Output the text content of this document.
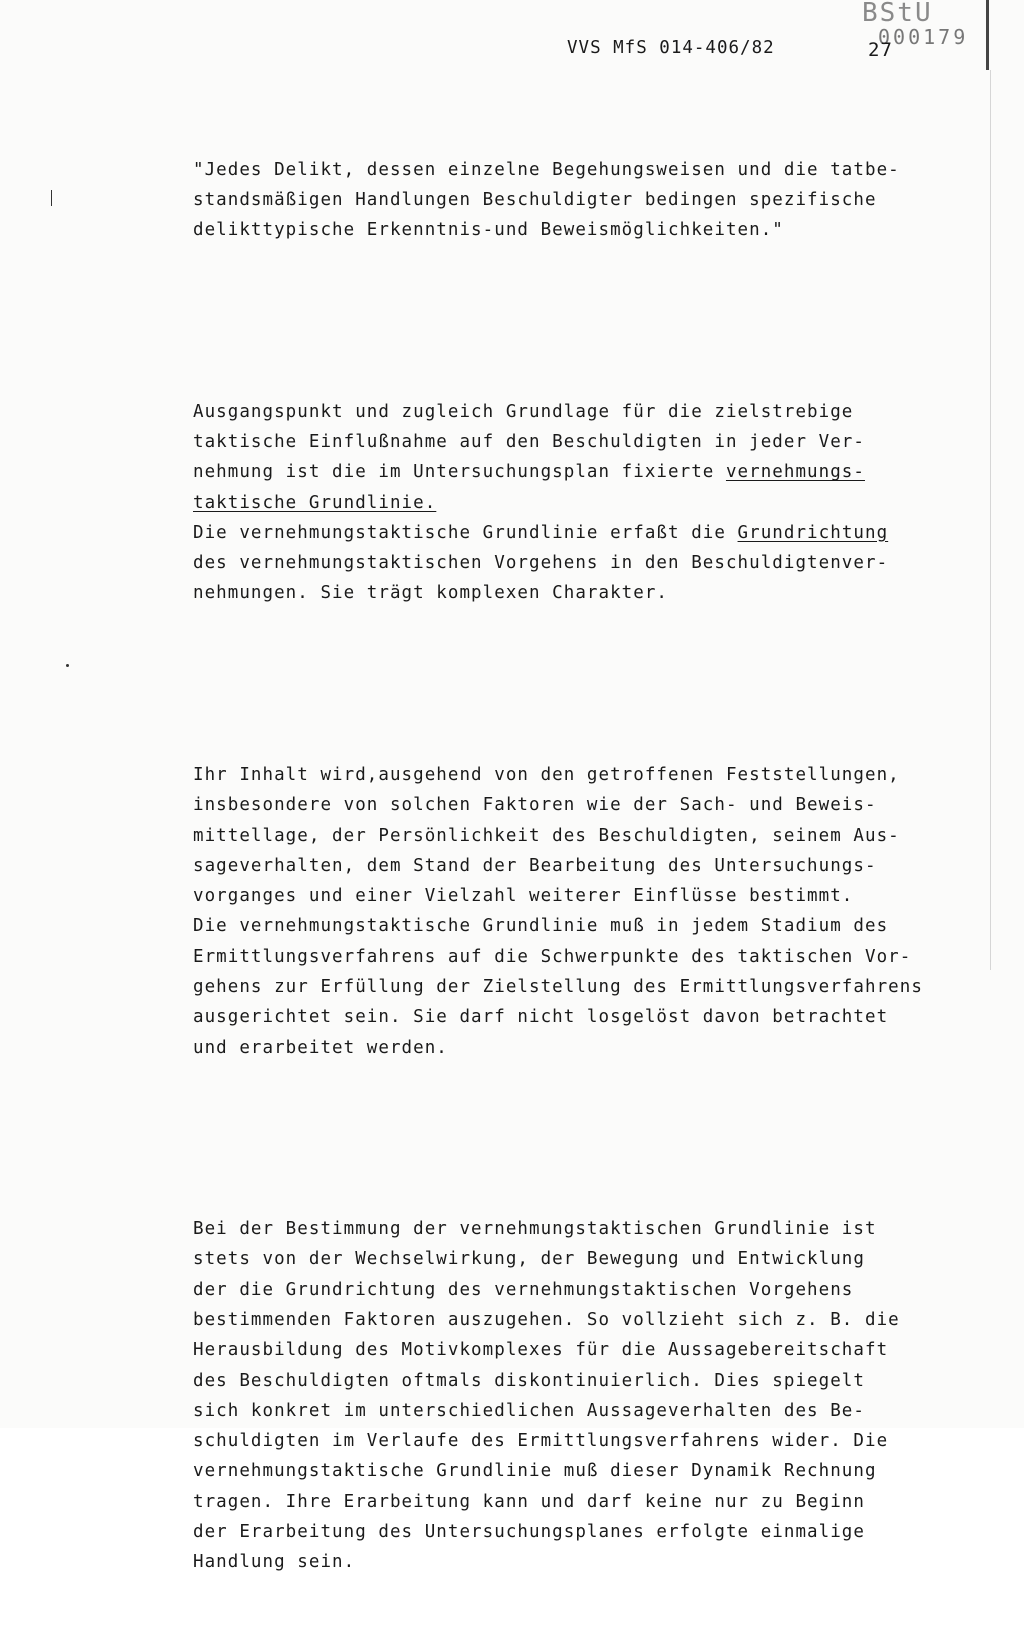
BStU
000179
VVS MfS 014-406/82	27

"Jedes Delikt, dessen einzelne Begehungsweisen und die tatbe-
standsmäßigen Handlungen Beschuldigter bedingen spezifische
delikttypische Erkenntnis-und Beweismöglichkeiten."

Ausgangspunkt und zugleich Grundlage für die zielstrebige
taktische Einflußnahme auf den Beschuldigten in jeder Ver-
nehmung ist die im Untersuchungsplan fixierte vernehmungs-
taktische Grundlinie.
Die vernehmungstaktische Grundlinie erfaßt die Grundrichtung
des vernehmungstaktischen Vorgehens in den Beschuldigtenver-
nehmungen. Sie trägt komplexen Charakter.

Ihr Inhalt wird,ausgehend von den getroffenen Feststellungen,
insbesondere von solchen Faktoren wie der Sach- und Beweis-
mittellage, der Persönlichkeit des Beschuldigten, seinem Aus-
sageverhalten, dem Stand der Bearbeitung des Untersuchungs-
vorganges und einer Vielzahl weiterer Einflüsse bestimmt.
Die vernehmungstaktische Grundlinie muß in jedem Stadium des
Ermittlungsverfahrens auf die Schwerpunkte des taktischen Vor-
gehens zur Erfüllung der Zielstellung des Ermittlungsverfahrens
ausgerichtet sein. Sie darf nicht losgelöst davon betrachtet
und erarbeitet werden.

Bei der Bestimmung der vernehmungstaktischen Grundlinie ist
stets von der Wechselwirkung, der Bewegung und Entwicklung
der die Grundrichtung des vernehmungstaktischen Vorgehens
bestimmenden Faktoren auszugehen. So vollzieht sich z. B. die
Herausbildung des Motivkomplexes für die Aussagebereitschaft
des Beschuldigten oftmals diskontinuierlich. Dies spiegelt
sich konkret im unterschiedlichen Aussageverhalten des Be-
schuldigten im Verlaufe des Ermittlungsverfahrens wider. Die
vernehmungstaktische Grundlinie muß dieser Dynamik Rechnung
tragen. Ihre Erarbeitung kann und darf keine nur zu Beginn
der Erarbeitung des Untersuchungsplanes erfolgte einmalige
Handlung sein.
